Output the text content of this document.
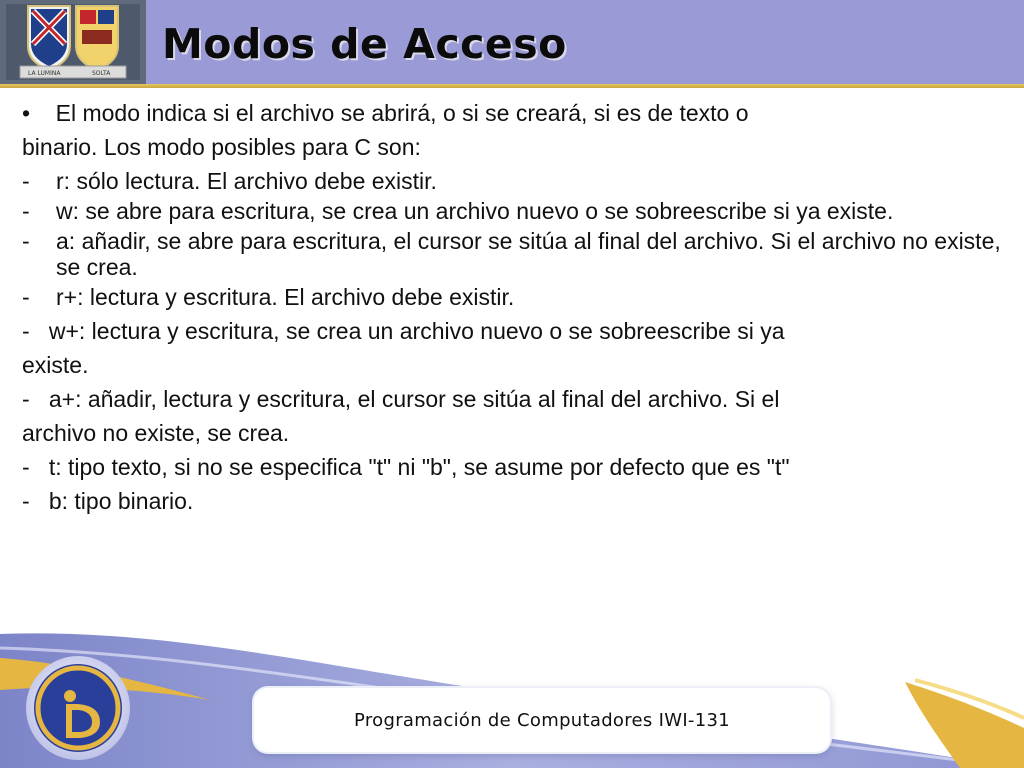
LA LUMINA	SOLTA
Modos de Acceso
• El modo indica si el archivo se abrirá, o si se creará, si es de texto o
binario. Los modo posibles para C son:
-	r: sólo lectura. El archivo debe existir.
-	w: se abre para escritura, se crea un archivo nuevo o se sobreescribe si ya existe.
-	a: añadir, se abre para escritura, el cursor se sitúa al final del archivo. Si el archivo no existe, se crea.
-	r+: lectura y escritura. El archivo debe existir.
- w+: lectura y escritura, se crea un archivo nuevo o se sobreescribe si ya
existe.
- a+: añadir, lectura y escritura, el cursor se sitúa al final del archivo. Si el
archivo no existe, se crea.
- t: tipo texto, si no se especifica "t" ni "b", se asume por defecto que es "t"
- b: tipo binario.
Programación de Computadores IWI-131
